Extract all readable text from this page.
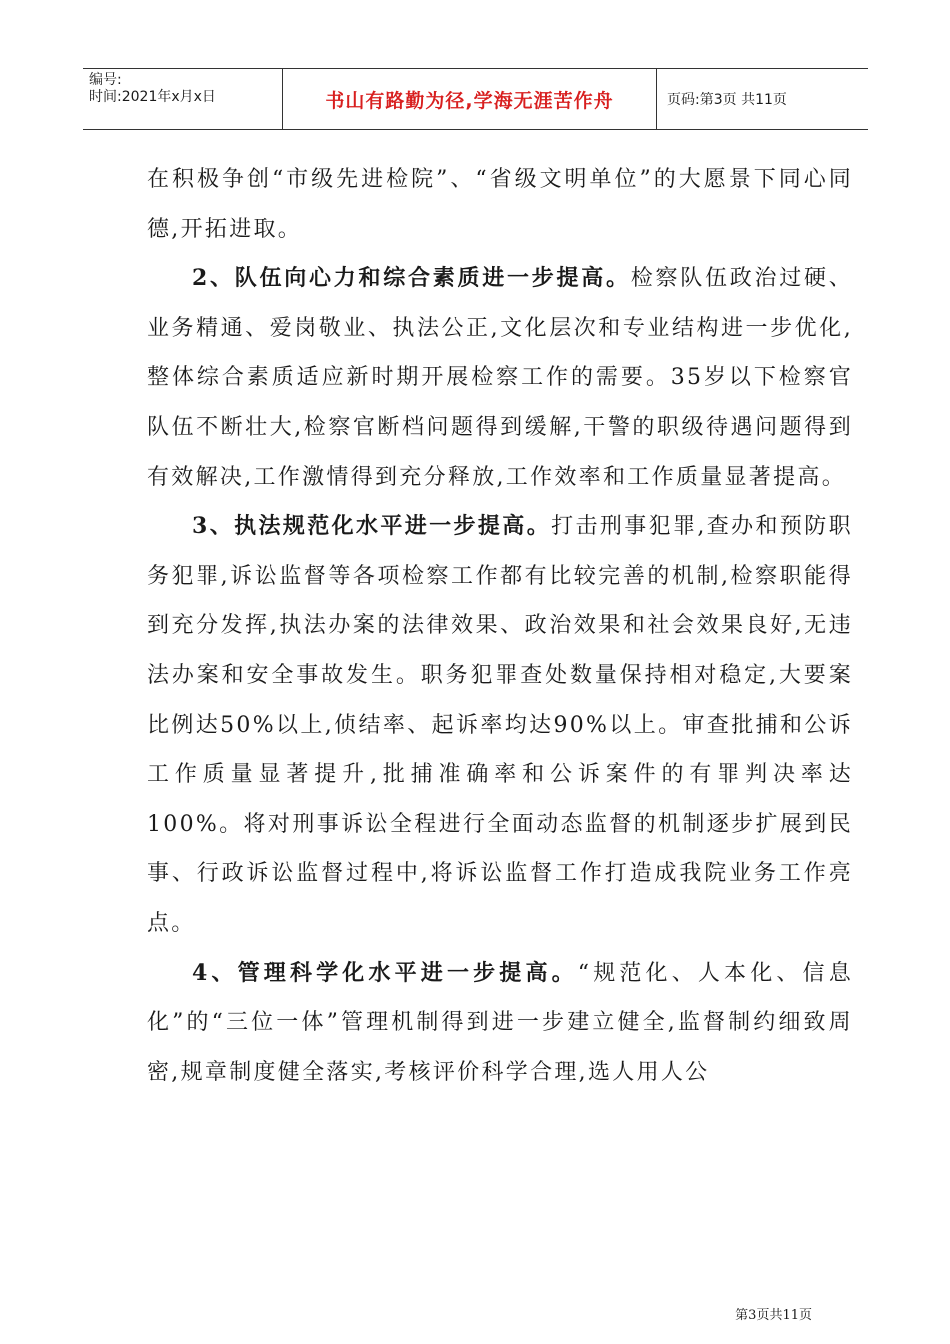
编号:
时间:2021年x月x日	书山有路勤为径,学海无涯苦作舟	页码:第3页 共11页

在积极争创“市级先进检院”、“省级文明单位”的大愿景下同心同德,开拓进取。

2、队伍向心力和综合素质进一步提高。检察队伍政治过硬、业务精通、爱岗敬业、执法公正,文化层次和专业结构进一步优化,整体综合素质适应新时期开展检察工作的需要。35岁以下检察官队伍不断壮大,检察官断档问题得到缓解,干警的职级待遇问题得到有效解决,工作激情得到充分释放,工作效率和工作质量显著提高。

3、执法规范化水平进一步提高。打击刑事犯罪,查办和预防职务犯罪,诉讼监督等各项检察工作都有比较完善的机制,检察职能得到充分发挥,执法办案的法律效果、政治效果和社会效果良好,无违法办案和安全事故发生。职务犯罪查处数量保持相对稳定,大要案比例达50%以上,侦结率、起诉率均达90%以上。审查批捕和公诉工作质量显著提升,批捕准确率和公诉案件的有罪判决率达100%。将对刑事诉讼全程进行全面动态监督的机制逐步扩展到民事、行政诉讼监督过程中,将诉讼监督工作打造成我院业务工作亮点。

4、管理科学化水平进一步提高。“规范化、人本化、信息化”的“三位一体”管理机制得到进一步建立健全,监督制约细致周密,规章制度健全落实,考核评价科学合理,选人用人公

第3页共11页
